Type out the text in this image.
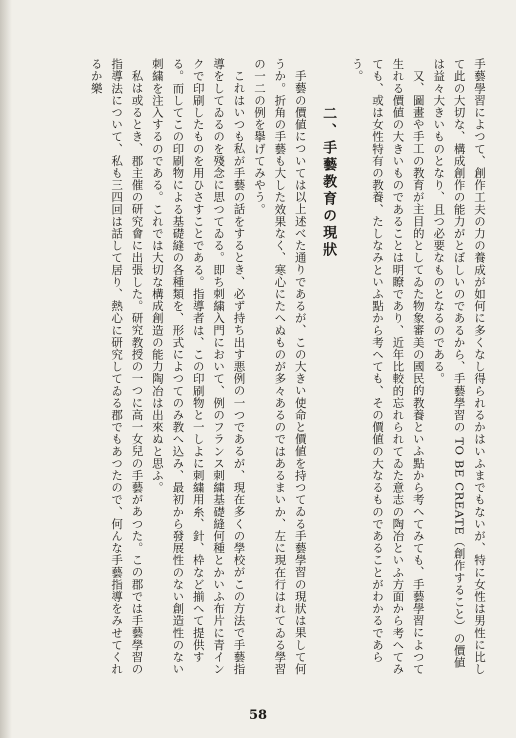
手藝學習によつて、創作工夫の力の養成が如何に多くなし得られるかはいふまでもないが、特に女性は男性に比して此の大切な、構成創作の能力がとぼしいのであるから、手藝學習の TO BE CREATE（創作すること）の價値は益々大きいものとなり、且つ必要なものとなるのである。

又、圖畫や手工の教育が主目的としてゐた物象審美の國民的教養といふ點から考へてみても、手藝學習によつて生れる價値の大きいものであることは明瞭であり、近年比較的忘れられてゐた意志の陶冶といふ方面から考へてみても、或は女性特有の教養、たしなみといふ點から考へても、その價値の大なるものであることがわかるであらう。

二、手藝教育の現狀

手藝の價値については以上述べた通りであるが、この大きい使命と價値を持つてゐる手藝學習の現狀は果して何うか。折角の手藝も大した效果なく、寒心にたへぬものが多々あるのではあるまいか、左に現在行はれてゐる學習の一二の例を擧げてみやう。

これはいつも私が手藝の話をするとき、必ず持ち出す悪例の一つであるが、現在多くの學校がこの方法で手藝指導をしてゐるのを殘念に思つてゐる。即ち刺繍入門において、例のフランス刺繍基礎縫何種とかいふ布片に青インクで印刷したものを用ひさすことである。指導者は、この印刷物と一しよに刺繍用糸、針、枠など揃へて提供する。而してこの印刷物による基礎縫の各種類を、形式によつてのみ教へ込み、最初から發展性のない創造性のない刺繍を注入するのである。これでは大切な構成創造の能力陶冶は出來ぬと思ふ。

私は或るとき、郡主催の研究會に出張した。研究教授の一つに高一女兒の手藝があつた。この郡では手藝學習の指導法について、私も三四回は話して居り、熱心に研究してゐる郡でもあつたので、何んな手藝指導をみせてくれるか樂

58
